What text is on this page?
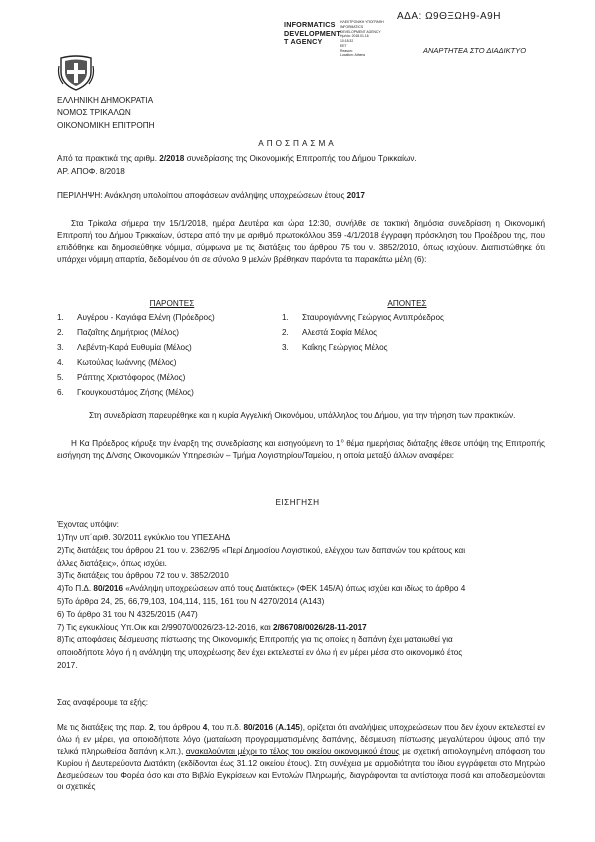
ΑΔΑ: Ω9ΘΞΩΗ9-Α9Η
INFORMATICS
DEVELOPMENT
T AGENCY
ΗΛΕΚΤΡΟΝΙΚΗ ΥΠΟΓΡΑΦΗ
INFORMATICS
DEVELOPMENT AGENCY
Ημ/νία: 2018.01.16
10:18:32
EET
Reason:
Location: Athens
ΑΝΑΡΤΗΤΕΑ ΣΤΟ ΔΙΑΔΙΚΤΥΟ
ΕΛΛΗΝΙΚΗ ΔΗΜΟΚΡΑΤΙΑ
ΝΟΜΟΣ ΤΡΙΚΑΛΩΝ
ΟΙΚΟΝΟΜΙΚΗ ΕΠΙΤΡΟΠΗ
ΑΠΟΣΠΑΣΜΑ
Από τα πρακτικά της αριθμ. 2/2018 συνεδρίασης της Οικονομικής Επιτροπής του Δήμου Τρικκαίων.
ΑΡ. ΑΠΟΦ. 8/2018
ΠΕΡΙΛΗΨΗ: Ανάκληση υπολοίπου αποφάσεων ανάληψης υποχρεώσεων έτους 2017
Στα Τρίκαλα σήμερα την 15/1/2018, ημέρα Δευτέρα και ώρα 12:30, συνήλθε σε τακτική δημόσια συνεδρίαση η Οικονομική Επιτροπή του Δήμου Τρικκαίων, ύστερα από την με αριθμό πρωτοκόλλου 359 -4/1/2018 έγγραφη πρόσκληση του Προέδρου της, που επιδόθηκε και δημοσιεύθηκε νόμιμα, σύμφωνα με τις διατάξεις του άρθρου 75 του ν. 3852/2010, όπως ισχύουν. Διαπιστώθηκε ότι υπάρχει νόμιμη απαρτία, δεδομένου ότι σε σύνολο 9 μελών βρέθηκαν παρόντα τα παρακάτω μέλη (6):
ΠΑΡΟΝΤΕΣ
1. Αυγέρου - Καγιάφα Ελένη (Πρόεδρος)
2. Παζαΐτης Δημήτριος (Μέλος)
3. Λεβέντη-Καρά Ευθυμία (Μέλος)
4. Κωτούλας Ιωάννης (Μέλος)
5. Ράπτης Χριστόφορος (Μέλος)
6. Γκουγκουστάμος Ζήσης (Μέλος)
ΑΠΟΝΤΕΣ
1. Σταυρογιάννης Γεώργιος Αντιπρόεδρος
2. Αλεστά Σοφία Μέλος
3. Καΐκης Γεώργιος Μέλος
Στη συνεδρίαση παρευρέθηκε και η κυρία Αγγελική Οικονόμου, υπάλληλος του Δήμου, για την τήρηση των πρακτικών.
Η Κα Πρόεδρος κήρυξε την έναρξη της συνεδρίασης και εισηγούμενη το $1^o$ θέμα ημερήσιας διάταξης έθεσε υπόψη της Επιτροπής εισήγηση της Δ/νσης Οικονομικών Υπηρεσιών – Τμήμα Λογιστηρίου/Ταμείου, η οποία μεταξύ άλλων αναφέρει:
ΕΙΣΗΓΗΣΗ
Έχοντας υπόψιν:
1)Την υπ΄αριθ. 30/2011 εγκύκλιο του ΥΠΕΣΑΗΔ
2)Τις διατάξεις του άρθρου 21 του ν. 2362/95 «Περί Δημοσίου Λογιστικού, ελέγχου των δαπανών του κράτους και
άλλες διατάξεις», όπως ισχύει.
3)Τις διατάξεις του άρθρου 72 του ν. 3852/2010
4)Το Π.Δ. 80/2016 «Ανάληψη υποχρεώσεων από τους Διατάκτες» (ΦΕΚ 145/Α) όπως ισχύει και ιδίως το άρθρο 4
5)Το άρθρα 24, 25, 66,79,103, 104,114, 115, 161 του Ν 4270/2014 (Α143)
6) Το άρθρο 31 του Ν 4325/2015 (Α47)
7) Τις εγκυκλίους Υπ.Οικ και 2/99070/0026/23-12-2016, και 2/86708/0026/28-11-2017
8)Τις αποφάσεις δέσμευσης πίστωσης της Οικονομικής Επιτροπής για τις οποίες η δαπάνη έχει ματαιωθεί για
οποιοδήποτε λόγο ή η ανάληψη της υποχρέωσης δεν έχει εκτελεστεί εν όλω ή εν μέρει μέσα στο οικονομικό έτος
2017.
Σας αναφέρουμε τα εξής:
Με τις διατάξεις της παρ. 2, του άρθρου 4, του π.δ. 80/2016 (Α.145), ορίζεται ότι αναλήψεις υποχρεώσεων που δεν έχουν εκτελεστεί εν όλω ή εν μέρει, για οποιοδήποτε λόγο (ματαίωση προγραμματισμένης δαπάνης, δέσμευση πίστωσης μεγαλύτερου ύψους από την τελικά πληρωθείσα δαπάνη κ.λπ.), ανακαλούνται μέχρι το τέλος του οικείου οικονομικού έτους με σχετική αιτιολογημένη απόφαση του Κυρίου ή Δευτερεύοντα Διατάκτη (εκδίδονται έως 31.12 οικείου έτους). Στη συνέχεια με αρμοδιότητα του ίδιου εγγράφεται στο Μητρώο Δεσμεύσεων του Φορέα όσο και στο Βιβλίο Εγκρίσεων και Εντολών Πληρωμής, διαγράφονται τα αντίστοιχα ποσά και αποδεσμεύονται οι σχετικές
